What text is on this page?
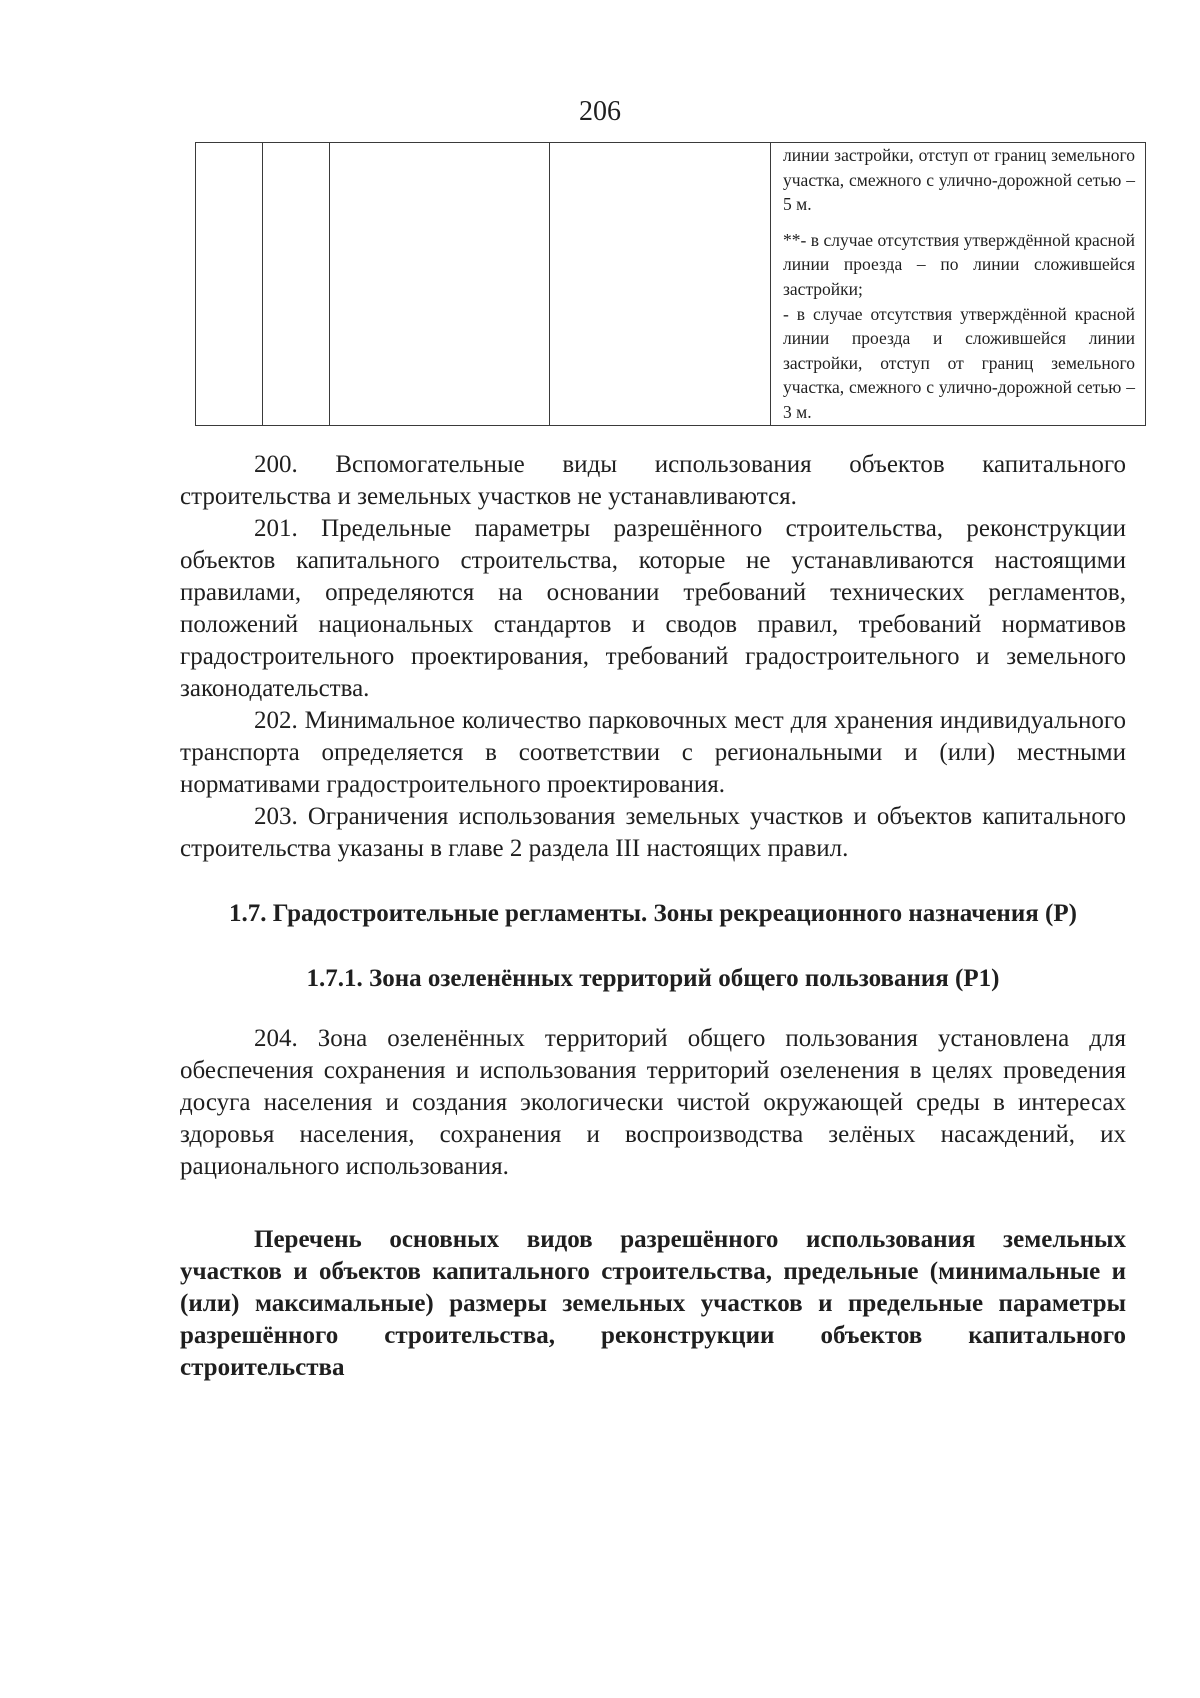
206

линии застройки, отступ от границ земельного участка, смежного с улично-дорожной сетью – 5 м.

**- в случае отсутствия утверждённой красной линии проезда – по линии сложившейся застройки;

- в случае отсутствия утверждённой красной линии проезда и сложившейся линии застройки, отступ от границ земельного участка, смежного с улично-дорожной сетью – 3 м.

200. Вспомогательные виды использования объектов капитального строительства и земельных участков не устанавливаются.

201. Предельные параметры разрешённого строительства, реконструкции объектов капитального строительства, которые не устанавливаются настоящими правилами, определяются на основании требований технических регламентов, положений национальных стандартов и сводов правил, требований нормативов градостроительного проектирования, требований градостроительного и земельного законодательства.

202. Минимальное количество парковочных мест для хранения индивидуального транспорта определяется в соответствии с региональными и (или) местными нормативами градостроительного проектирования.

203. Ограничения использования земельных участков и объектов капитального строительства указаны в главе 2 раздела III настоящих правил.

1.7. Градостроительные регламенты. Зоны рекреационного назначения (Р)
1.7.1. Зона озеленённых территорий общего пользования (Р1)

204. Зона озеленённых территорий общего пользования установлена для обеспечения сохранения и использования территорий озеленения в целях проведения досуга населения и создания экологически чистой окружающей среды в интересах здоровья населения, сохранения и воспроизводства зелёных насаждений, их рационального использования.

Перечень основных видов разрешённого использования земельных участков и объектов капитального строительства, предельные (минимальные и (или) максимальные) размеры земельных участков и предельные параметры разрешённого строительства, реконструкции объектов капитального строительства
